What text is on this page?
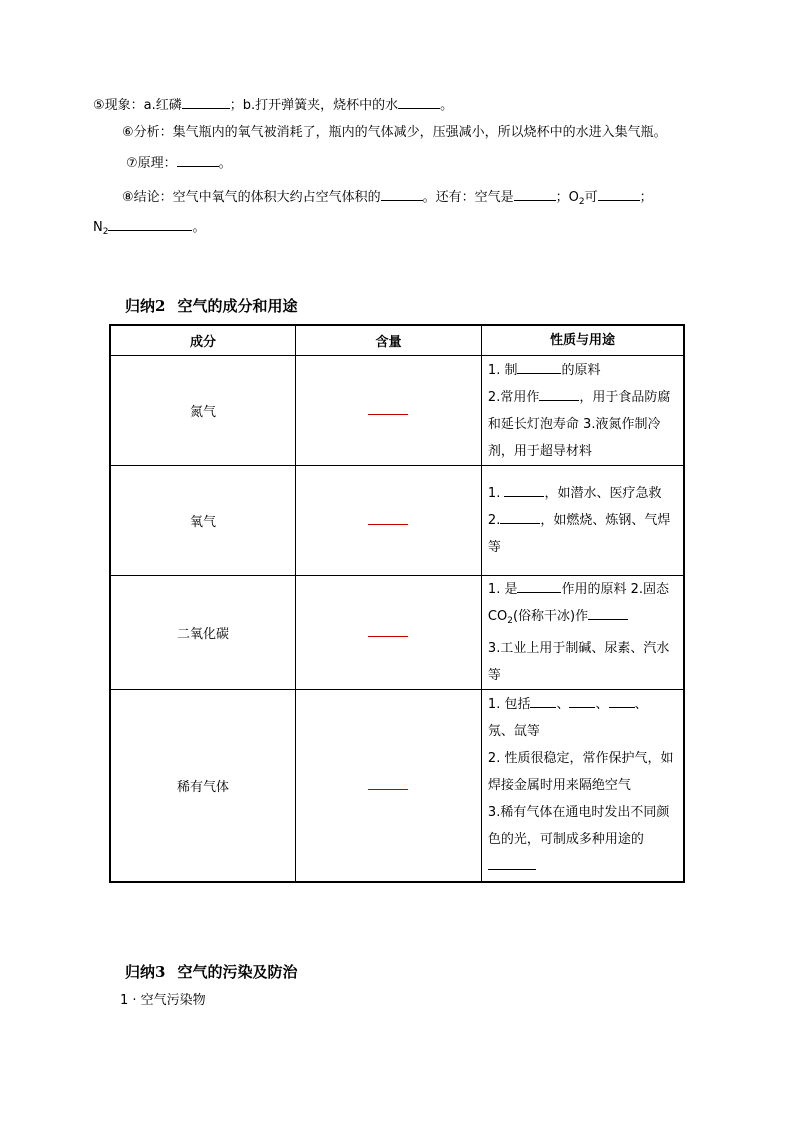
⑤现象：a.红磷	；b.打开弹簧夹，烧杯中的水	。
⑥分析：集气瓶内的氧气被消耗了，瓶内的气体减少，压强减小，所以烧杯中的水进入集气瓶。
⑦原理：	。
⑧结论：空气中氧气的体积大约占空气体积的	。还有：空气是	；$O_2$可	；
$N_2$	。
归纳2 空气的成分和用途
成分	含量	性质与用途
氮气		1. 制 的原料
2.常用作 ，用于食品防腐和延长灯泡寿命 3.液氮作制冷剂，用于超导材料
氧气		1. ，如潜水、医疗急救
2. ，如燃烧、炼钢、气焊等
二氧化碳		1. 是 作用的原料 2.固态 $CO_2$(俗称干冰)作
3.工业上用于制碱、尿素、汽水等
稀有气体		1. 包括 、 、 、
氖、氙等
2. 性质很稳定，常作保护气，如焊接金属时用来隔绝空气
3.稀有气体在通电时发出不同颜色的光，可制成多种用途的
归纳3 空气的污染及防治
1 · 空气污染物
